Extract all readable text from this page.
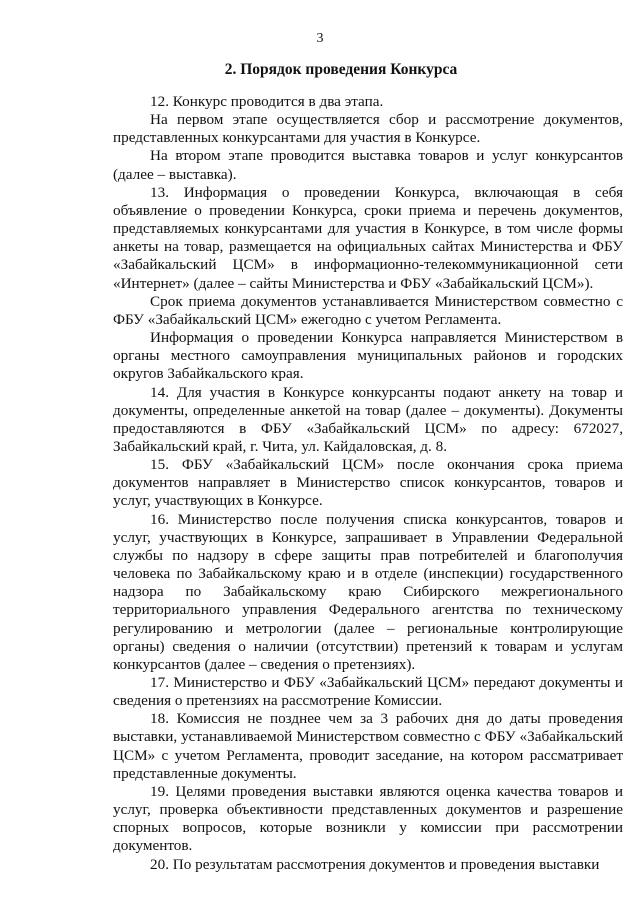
3
2. Порядок проведения Конкурса

12. Конкурс проводится в два этапа.

На первом этапе осуществляется сбор и рассмотрение документов, представленных конкурсантами для участия в Конкурсе.

На втором этапе проводится выставка товаров и услуг конкурсантов (далее – выставка).

13. Информация о проведении Конкурса, включающая в себя объявление о проведении Конкурса, сроки приема и перечень документов, представляемых конкурсантами для участия в Конкурсе, в том числе формы анкеты на товар, размещается на официальных сайтах Министерства и ФБУ «Забайкальский ЦСМ» в информационно-телекоммуникационной сети «Интернет» (далее – сайты Министерства и ФБУ «Забайкальский ЦСМ»).

Срок приема документов устанавливается Министерством совместно с ФБУ «Забайкальский ЦСМ» ежегодно с учетом Регламента.

Информация о проведении Конкурса направляется Министерством в органы местного самоуправления муниципальных районов и городских округов Забайкальского края.

14. Для участия в Конкурсе конкурсанты подают анкету на товар и документы, определенные анкетой на товар (далее – документы). Документы предоставляются в ФБУ «Забайкальский ЦСМ» по адресу: 672027, Забайкальский край, г. Чита, ул. Кайдаловская, д. 8.

15. ФБУ «Забайкальский ЦСМ» после окончания срока приема документов направляет в Министерство список конкурсантов, товаров и услуг, участвующих в Конкурсе.

16. Министерство после получения списка конкурсантов, товаров и услуг, участвующих в Конкурсе, запрашивает в Управлении Федеральной службы по надзору в сфере защиты прав потребителей и благополучия человека по Забайкальскому краю и в отделе (инспекции) государственного надзора по Забайкальскому краю Сибирского межрегионального территориального управления Федерального агентства по техническому регулированию и метрологии (далее – региональные контролирующие органы) сведения о наличии (отсутствии) претензий к товарам и услугам конкурсантов (далее – сведения о претензиях).

17. Министерство и ФБУ «Забайкальский ЦСМ» передают документы и сведения о претензиях на рассмотрение Комиссии.

18. Комиссия не позднее чем за 3 рабочих дня до даты проведения выставки, устанавливаемой Министерством совместно с ФБУ «Забайкальский ЦСМ» с учетом Регламента, проводит заседание, на котором рассматривает представленные документы.

19. Целями проведения выставки являются оценка качества товаров и услуг, проверка объективности представленных документов и разрешение спорных вопросов, которые возникли у комиссии при рассмотрении документов.

20. По результатам рассмотрения документов и проведения выставки
